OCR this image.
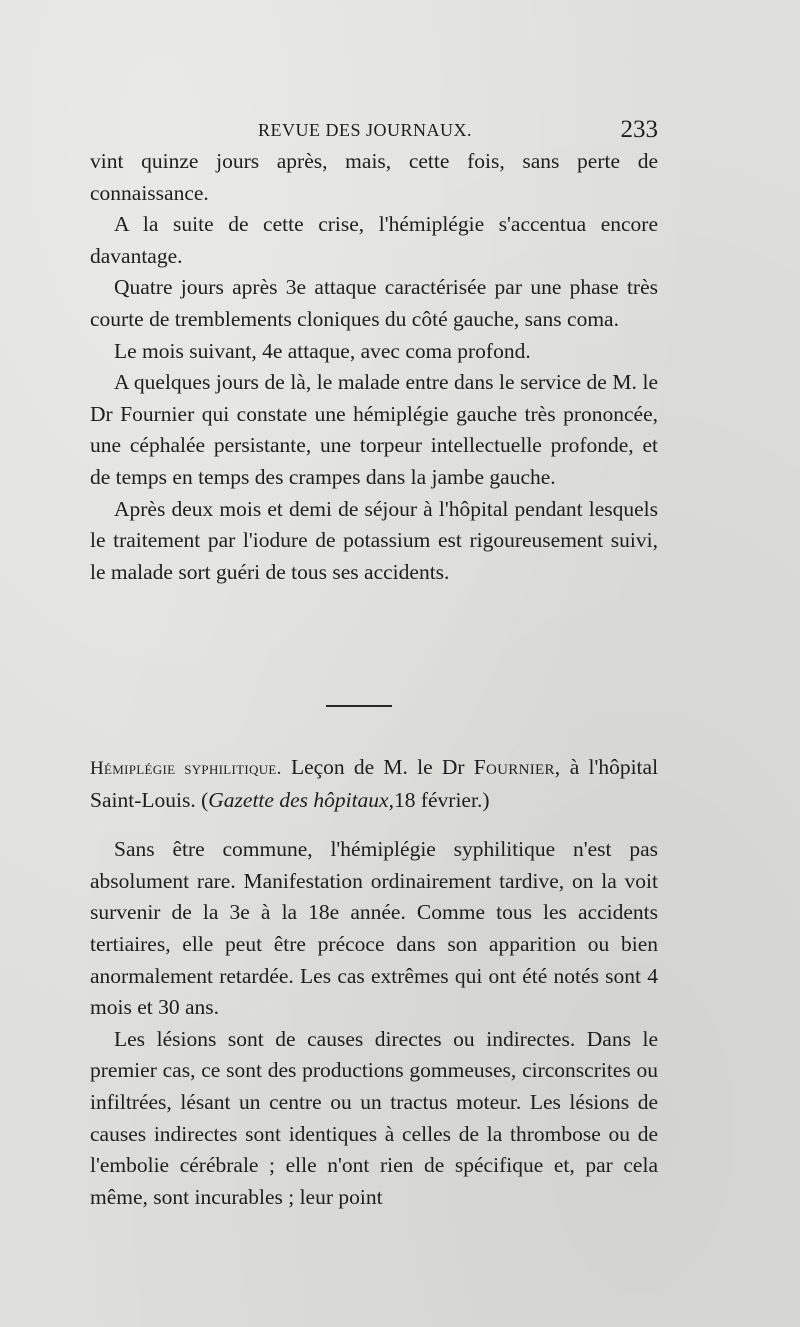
REVUE DES JOURNAUX.	233

vint quinze jours après, mais, cette fois, sans perte de connaissance.

A la suite de cette crise, l'hémiplégie s'accentua encore davantage.

Quatre jours après 3e attaque caractérisée par une phase très courte de tremblements cloniques du côté gauche, sans coma.

Le mois suivant, 4e attaque, avec coma profond.

A quelques jours de là, le malade entre dans le service de M. le Dr Fournier qui constate une hémiplégie gauche très prononcée, une céphalée persistante, une torpeur intellectuelle profonde, et de temps en temps des crampes dans la jambe gauche.

Après deux mois et demi de séjour à l'hôpital pendant lesquels le traitement par l'iodure de potassium est rigoureusement suivi, le malade sort guéri de tous ses accidents.

Hémiplégie syphilitique. Leçon de M. le Dr Fournier, à l'hôpital Saint-Louis. (Gazette des hôpitaux,18 février.)

Sans être commune, l'hémiplégie syphilitique n'est pas absolument rare. Manifestation ordinairement tardive, on la voit survenir de la 3e à la 18e année. Comme tous les accidents tertiaires, elle peut être précoce dans son apparition ou bien anormalement retardée. Les cas extrêmes qui ont été notés sont 4 mois et 30 ans.

Les lésions sont de causes directes ou indirectes. Dans le premier cas, ce sont des productions gommeuses, circonscrites ou infiltrées, lésant un centre ou un tractus moteur. Les lésions de causes indirectes sont identiques à celles de la thrombose ou de l'embolie cérébrale ; elle n'ont rien de spécifique et, par cela même, sont incurables ; leur point
